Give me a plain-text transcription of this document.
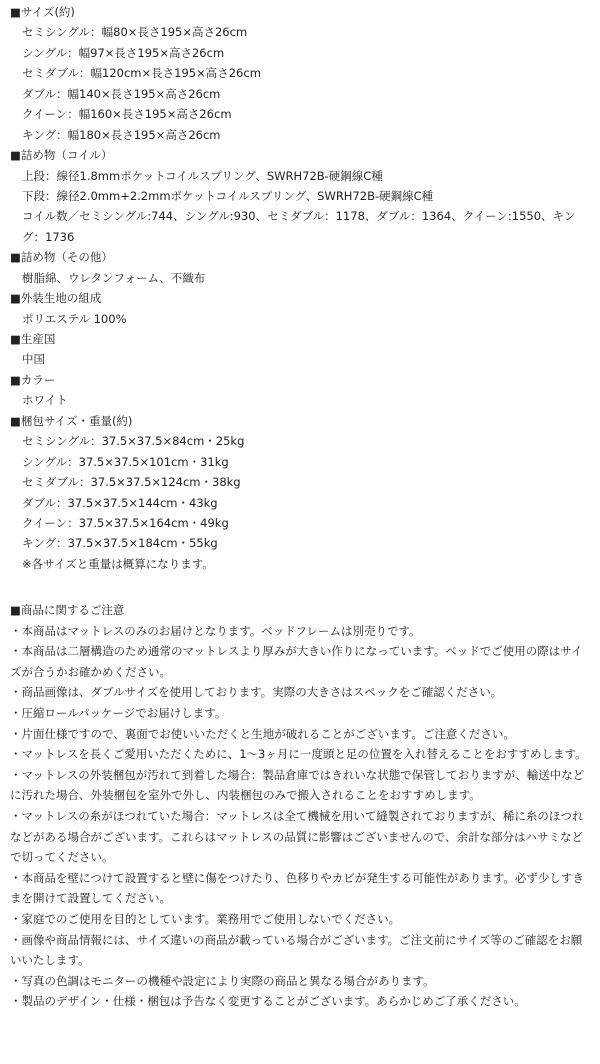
■サイズ(約)
セミシングル：幅80×長さ195×高さ26cm
シングル：幅97×長さ195×高さ26cm
セミダブル：幅120cm×長さ195×高さ26cm
ダブル：幅140×長さ195×高さ26cm
クイーン：幅160×長さ195×高さ26cm
キング：幅180×長さ195×高さ26cm
■詰め物（コイル）
上段：線径1.8mmポケットコイルスプリング、SWRH72B-硬鋼線C種
下段：線径2.0mm+2.2mmポケットコイルスプリング、SWRH72B-硬鋼線C種
コイル数／セミシングル:744、シングル:930、セミダブル：1178、ダブル：1364、クイーン:1550、キング：1736
■詰め物（その他）
樹脂綿、ウレタンフォーム、不織布
■外装生地の組成
ポリエステル 100%
■生産国
中国
■カラー
ホワイト
■梱包サイズ・重量(約)
セミシングル：37.5×37.5×84cm・25kg
シングル：37.5×37.5×101cm・31kg
セミダブル：37.5×37.5×124cm・38kg
ダブル：37.5×37.5×144cm・43kg
クイーン：37.5×37.5×164cm・49kg
キング：37.5×37.5×184cm・55kg
※各サイズと重量は概算になります。
■商品に関するご注意
・本商品はマットレスのみのお届けとなります。ベッドフレームは別売りです。
・本商品は二層構造のため通常のマットレスより厚みが大きい作りになっています。ベッドでご使用の際はサイズが合うかお確かめください。
・商品画像は、ダブルサイズを使用しております。実際の大きさはスペックをご確認ください。
・圧縮ロールパッケージでお届けします。
・片面仕様ですので、裏面でお使いいただくと生地が破れることがございます。ご注意ください。
・マットレスを長くご愛用いただくために、1～3ヶ月に一度頭と足の位置を入れ替えることをおすすめします。
・マットレスの外装梱包が汚れて到着した場合：製品倉庫ではきれいな状態で保管しておりますが、輸送中などに汚れた場合、外装梱包を室外で外し、内装梱包のみで搬入されることをおすすめします。
・マットレスの糸がほつれていた場合：マットレスは全て機械を用いて縫製されておりますが、稀に糸のほつれなどがある場合がございます。これらはマットレスの品質に影響はございませんので、余計な部分はハサミなどで切ってください。
・本商品を壁につけて設置すると壁に傷をつけたり、色移りやカビが発生する可能性があります。必ず少しすきまを開けて設置してください。
・家庭でのご使用を目的としています。業務用でご使用しないでください。
・画像や商品情報には、サイズ違いの商品が載っている場合がございます。ご注文前にサイズ等のご確認をお願いいたします。
・写真の色調はモニターの機種や設定により実際の商品と異なる場合があります。
・製品のデザイン・仕様・梱包は予告なく変更することがございます。あらかじめご了承ください。
